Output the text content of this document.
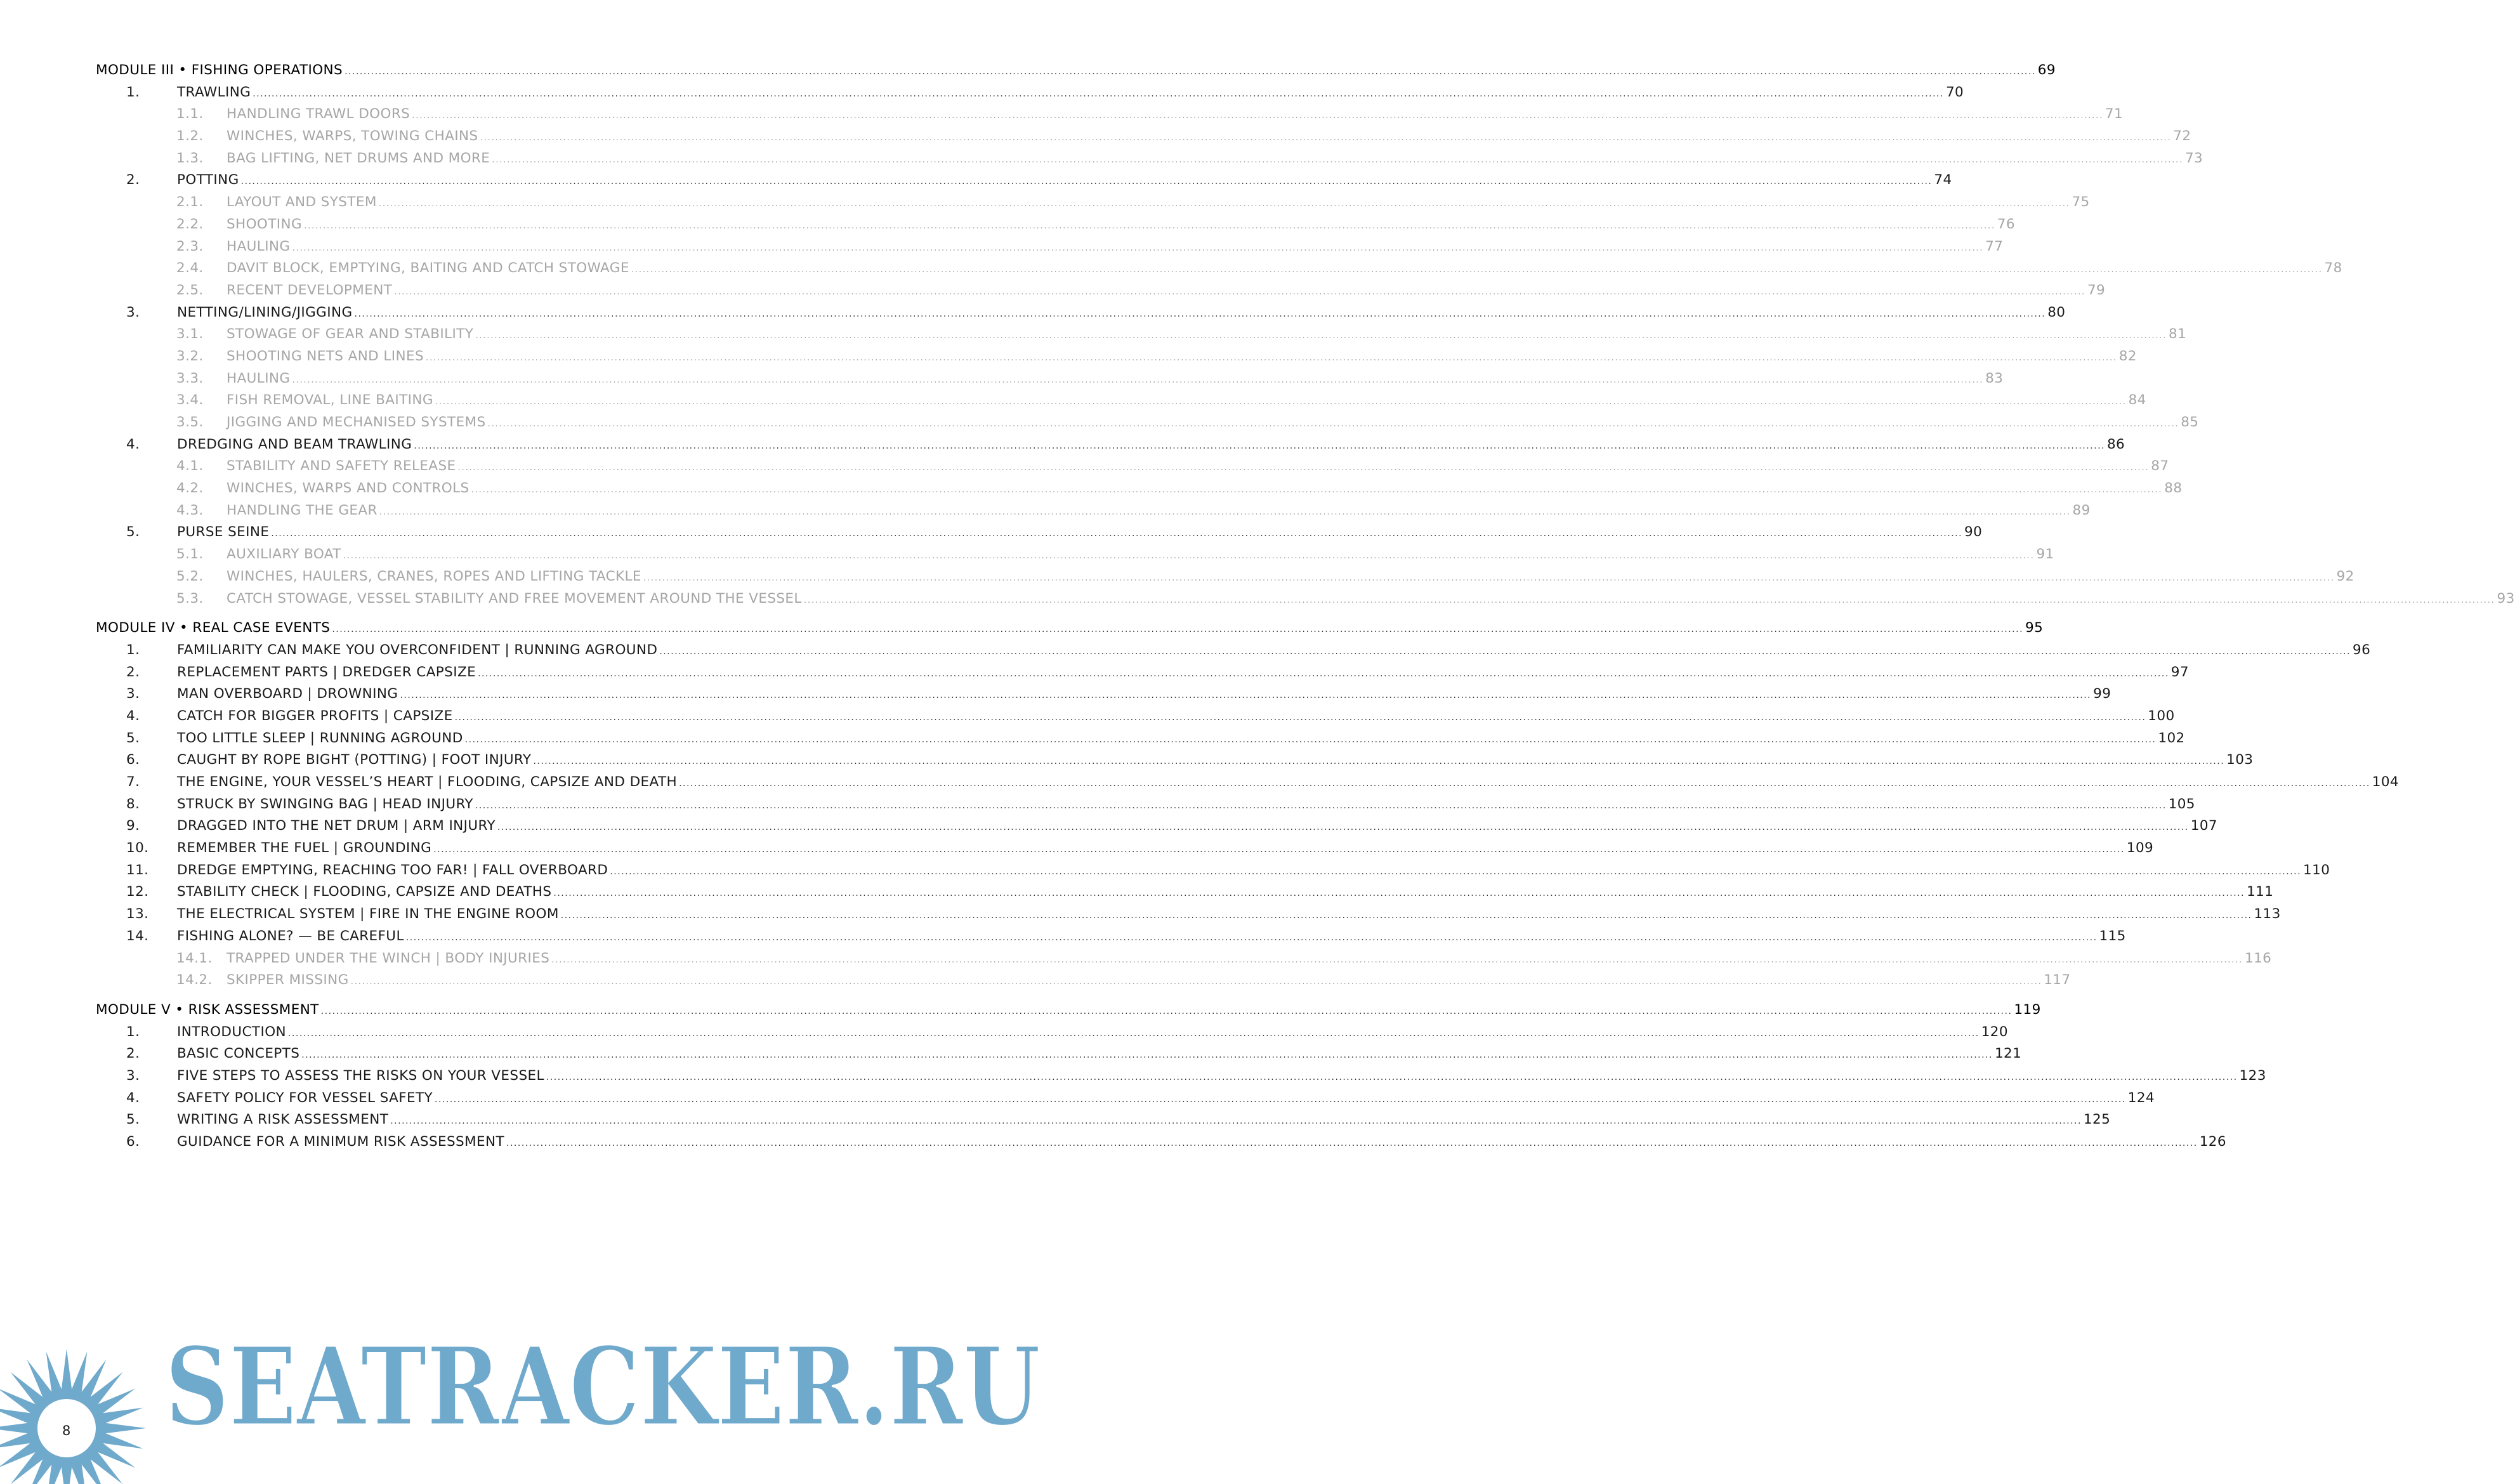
MODULE III • FISHING OPERATIONS .....	69
1.	TRAWLING .....	70
1.1.	HANDLING TRAWL DOORS .....	71
1.2.	WINCHES, WARPS, TOWING CHAINS .....	72
1.3.	BAG LIFTING, NET DRUMS AND MORE .....	73
2.	POTTING .....	74
2.1.	LAYOUT AND SYSTEM .....	75
2.2.	SHOOTING .....	76
2.3.	HAULING .....	77
2.4.	DAVIT BLOCK, EMPTYING, BAITING AND CATCH STOWAGE .....	78
2.5.	RECENT DEVELOPMENT .....	79
3.	NETTING/LINING/JIGGING .....	80
3.1.	STOWAGE OF GEAR AND STABILITY .....	81
3.2.	SHOOTING NETS AND LINES .....	82
3.3.	HAULING .....	83
3.4.	FISH REMOVAL, LINE BAITING .....	84
3.5.	JIGGING AND MECHANISED SYSTEMS .....	85
4.	DREDGING AND BEAM TRAWLING .....	86
4.1.	STABILITY AND SAFETY RELEASE .....	87
4.2.	WINCHES, WARPS AND CONTROLS .....	88
4.3.	HANDLING THE GEAR .....	89
5.	PURSE SEINE .....	90
5.1.	AUXILIARY BOAT .....	91
5.2.	WINCHES, HAULERS, CRANES, ROPES AND LIFTING TACKLE .....	92
5.3.	CATCH STOWAGE, VESSEL STABILITY AND FREE MOVEMENT AROUND THE VESSEL .....	93
MODULE IV • REAL CASE EVENTS .....	95
1.	FAMILIARITY CAN MAKE YOU OVERCONFIDENT | RUNNING AGROUND .....	96
2.	REPLACEMENT PARTS | DREDGER CAPSIZE .....	97
3.	MAN OVERBOARD | DROWNING .....	99
4.	CATCH FOR BIGGER PROFITS | CAPSIZE .....	100
5.	TOO LITTLE SLEEP | RUNNING AGROUND .....	102
6.	CAUGHT BY ROPE BIGHT (POTTING) | FOOT INJURY .....	103
7.	THE ENGINE, YOUR VESSEL’S HEART | FLOODING, CAPSIZE AND DEATH .....	104
8.	STRUCK BY SWINGING BAG | HEAD INJURY .....	105
9.	DRAGGED INTO THE NET DRUM | ARM INJURY .....	107
10.	REMEMBER THE FUEL | GROUNDING .....	109
11.	DREDGE EMPTYING, REACHING TOO FAR! | FALL OVERBOARD .....	110
12.	STABILITY CHECK | FLOODING, CAPSIZE AND DEATHS .....	111
13.	THE ELECTRICAL SYSTEM | FIRE IN THE ENGINE ROOM .....	113
14.	FISHING ALONE? — BE CAREFUL .....	115
14.1.	TRAPPED UNDER THE WINCH | BODY INJURIES .....	116
14.2.	SKIPPER MISSING .....	117
MODULE V • RISK ASSESSMENT .....	119
1.	INTRODUCTION .....	120
2.	BASIC CONCEPTS .....	121
3.	FIVE STEPS TO ASSESS THE RISKS ON YOUR VESSEL .....	123
4.	SAFETY POLICY FOR VESSEL SAFETY .....	124
5.	WRITING A RISK ASSESSMENT .....	125
6.	GUIDANCE FOR A MINIMUM RISK ASSESSMENT .....	126
8 SEATRACKER.RU
